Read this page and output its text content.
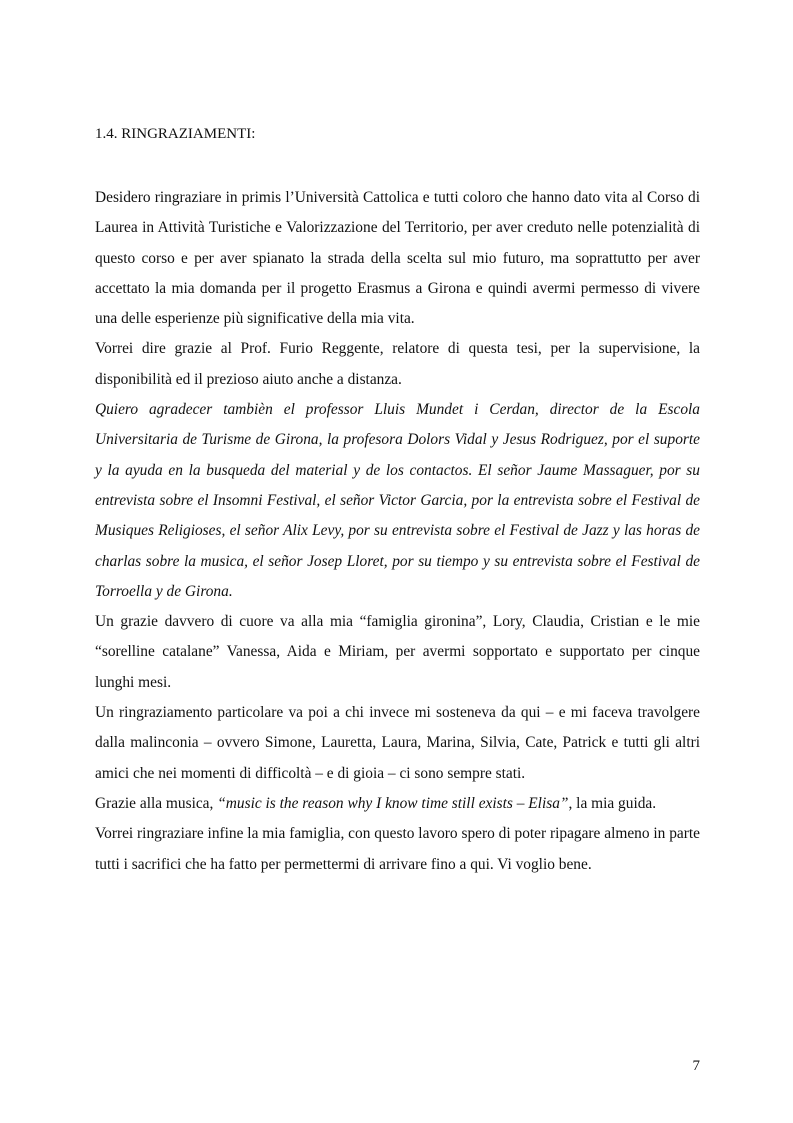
1.4. RINGRAZIAMENTI:

Desidero ringraziare in primis l’Università Cattolica e tutti coloro che hanno dato vita al Corso di Laurea in Attività Turistiche e Valorizzazione del Territorio, per aver creduto nelle potenzialità di questo corso e per aver spianato la strada della scelta sul mio futuro, ma soprattutto per aver accettato la mia domanda per il progetto Erasmus a Girona e quindi avermi permesso di vivere una delle esperienze più significative della mia vita.

Vorrei dire grazie al Prof. Furio Reggente, relatore di questa tesi, per la supervisione, la disponibilità ed il prezioso aiuto anche a distanza.

Quiero agradecer tambièn el professor Lluis Mundet i Cerdan, director de la Escola Universitaria de Turisme de Girona, la profesora Dolors Vidal y Jesus Rodriguez, por el suporte y la ayuda en la busqueda del material y de los contactos. El señor Jaume Massaguer, por su entrevista sobre el Insomni Festival, el señor Victor Garcia, por la entrevista sobre el Festival de Musiques Religioses, el señor Alix Levy, por su entrevista sobre el Festival de Jazz y las horas de charlas sobre la musica, el señor Josep Lloret, por su tiempo y su entrevista sobre el Festival de Torroella y de Girona.

Un grazie davvero di cuore va alla mia “famiglia gironina”, Lory, Claudia, Cristian e le mie “sorelline catalane” Vanessa, Aida e Miriam, per avermi sopportato e supportato per cinque lunghi mesi.

Un ringraziamento particolare va poi a chi invece mi sosteneva da qui – e mi faceva travolgere dalla malinconia – ovvero Simone, Lauretta, Laura, Marina, Silvia, Cate, Patrick e tutti gli altri amici che nei momenti di difficoltà – e di gioia – ci sono sempre stati.

Grazie alla musica, “music is the reason why I know time still exists – Elisa”, la mia guida.

Vorrei ringraziare infine la mia famiglia, con questo lavoro spero di poter ripagare almeno in parte tutti i sacrifici che ha fatto per permettermi di arrivare fino a qui. Vi voglio bene.

7
